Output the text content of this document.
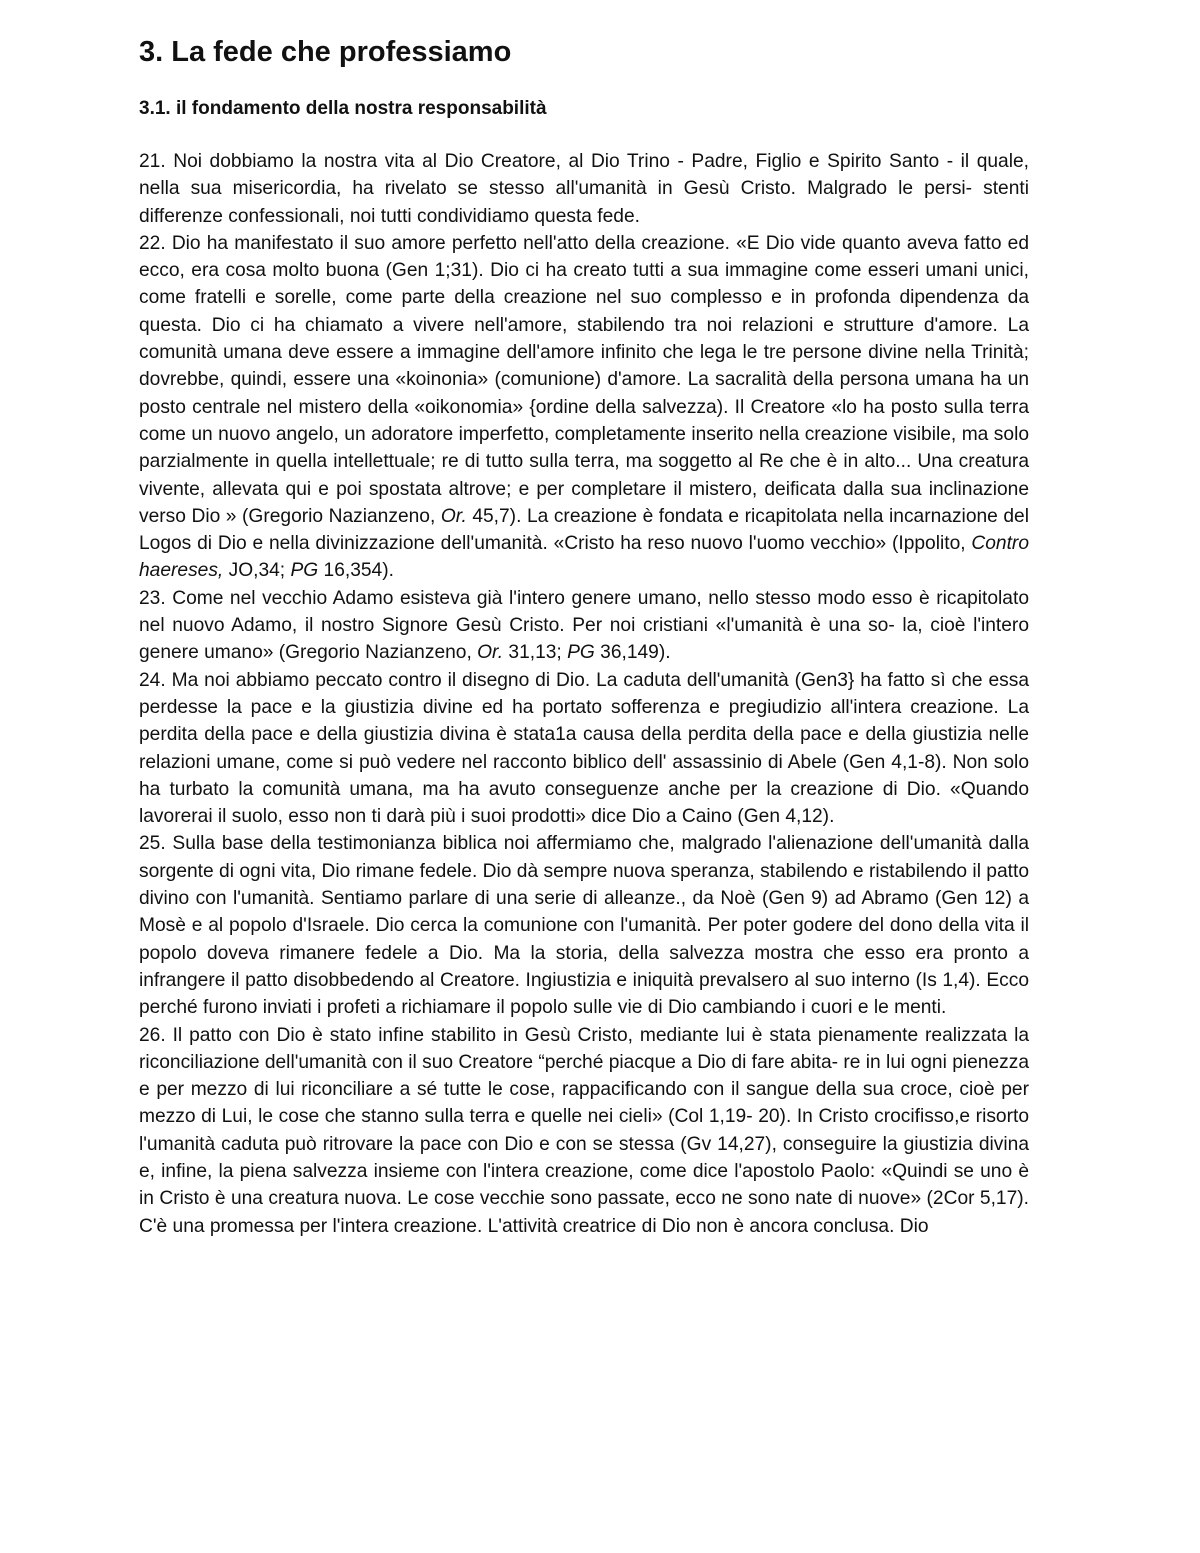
3. La fede che professiamo
3.1. il fondamento della nostra responsabilità

21. Noi dobbiamo la nostra vita al Dio Creatore, al Dio Trino - Padre, Figlio e Spirito Santo - il quale, nella sua misericordia, ha rivelato se stesso all'umanità in Gesù Cristo. Malgrado le persi- stenti differenze confessionali, noi tutti condividiamo questa fede.

22. Dio ha manifestato il suo amore perfetto nell'atto della creazione. «E Dio vide quanto aveva fatto ed ecco, era cosa molto buona (Gen 1;31). Dio ci ha creato tutti a sua immagine come esseri umani unici, come fratelli e sorelle, come parte della creazione nel suo complesso e in profonda dipendenza da questa. Dio ci ha chiamato a vivere nell'amore, stabilendo tra noi relazioni e strutture d'amore. La comunità umana deve essere a immagine dell'amore infinito che lega le tre persone divine nella Trinità; dovrebbe, quindi, essere una «koinonia» (comunione) d'amore. La sacralità della persona umana ha un posto centrale nel mistero della «oikonomia» {ordine della salvezza). Il Creatore «lo ha posto sulla terra come un nuovo angelo, un adoratore imperfetto, completamente inserito nella creazione visibile, ma solo parzialmente in quella intellettuale; re di tutto sulla terra, ma soggetto al Re che è in alto... Una creatura vivente, allevata qui e poi spostata altrove; e per completare il mistero, deificata dalla sua inclinazione verso Dio » (Gregorio Nazianzeno, Or. 45,7). La creazione è fondata e ricapitolata nella incarnazione del Logos di Dio e nella divinizzazione dell'umanità. «Cristo ha reso nuovo l'uomo vecchio» (Ippolito, Contro haereses, JO,34; PG 16,354).

23. Come nel vecchio Adamo esisteva già l'intero genere umano, nello stesso modo esso è ricapitolato nel nuovo Adamo, il nostro Signore Gesù Cristo. Per noi cristiani «l'umanità è una so- la, cioè l'intero genere umano» (Gregorio Nazianzeno, Or. 31,13; PG 36,149).

24. Ma noi abbiamo peccato contro il disegno di Dio. La caduta dell'umanità (Gen3} ha fatto sì che essa perdesse la pace e la giustizia divine ed ha portato sofferenza e pregiudizio all'intera creazione. La perdita della pace e della giustizia divina è stata1a causa della perdita della pace e della giustizia nelle relazioni umane, come si può vedere nel racconto biblico dell' assassinio di Abele (Gen 4,1-8). Non solo ha turbato la comunità umana, ma ha avuto conseguenze anche per la creazione di Dio. «Quando lavorerai il suolo, esso non ti darà più i suoi prodotti» dice Dio a Caino (Gen 4,12).

25. Sulla base della testimonianza biblica noi affermiamo che, malgrado l'alienazione dell'umanità dalla sorgente di ogni vita, Dio rimane fedele. Dio dà sempre nuova speranza, stabilendo e ristabilendo il patto divino con l'umanità. Sentiamo parlare di una serie di alleanze., da Noè (Gen 9) ad Abramo (Gen 12) a Mosè e al popolo d'Israele. Dio cerca la comunione con l'umanità. Per poter godere del dono della vita il popolo doveva rimanere fedele a Dio. Ma la storia, della salvezza mostra che esso era pronto a infrangere il patto disobbedendo al Creatore. Ingiustizia e iniquità prevalsero al suo interno (Is 1,4). Ecco perché furono inviati i profeti a richiamare il popolo sulle vie di Dio cambiando i cuori e le menti.

26. Il patto con Dio è stato infine stabilito in Gesù Cristo, mediante lui è stata pienamente realizzata la riconciliazione dell'umanità con il suo Creatore “perché piacque a Dio di fare abita- re in lui ogni pienezza e per mezzo di lui riconciliare a sé tutte le cose, rappacificando con il sangue della sua croce, cioè per mezzo di Lui, le cose che stanno sulla terra e quelle nei cieli» (Col 1,19- 20). In Cristo crocifisso,e risorto l'umanità caduta può ritrovare la pace con Dio e con se stessa (Gv 14,27), conseguire la giustizia divina e, infine, la piena salvezza insieme con l'intera creazione, come dice l'apostolo Paolo: «Quindi se uno è in Cristo è una creatura nuova. Le cose vecchie sono passate, ecco ne sono nate di nuove» (2Cor 5,17). C'è una promessa per l'intera creazione. L'attività creatrice di Dio non è ancora conclusa. Dio
